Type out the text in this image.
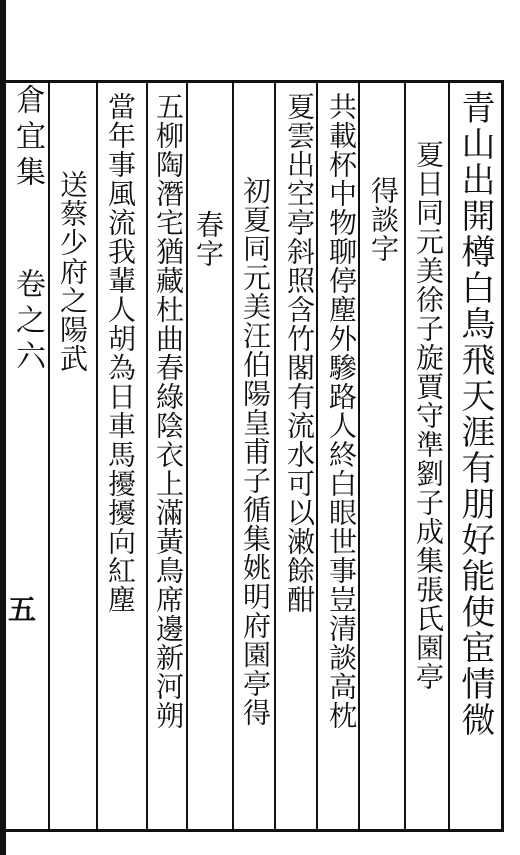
倉宜集
卷之六
五	青山出開樽白鳥飛天涯有朋好能使宦情微
夏日同元美徐子旋賈守準劉子成集張氏園亭
得談字
共載杯中物聊停塵外驂路人終白眼世事豈清談高枕
夏雲出空亭斜照含竹閣有流水可以潄餘酣
初夏同元美汪伯陽皇甫子循集姚明府園亭得
春字
五柳陶潛宅猶藏杜曲春綠陰衣上滿黃鳥席邊新河朔
當年事風流我輩人胡為日車馬擾擾向紅塵
送蔡少府之陽武
